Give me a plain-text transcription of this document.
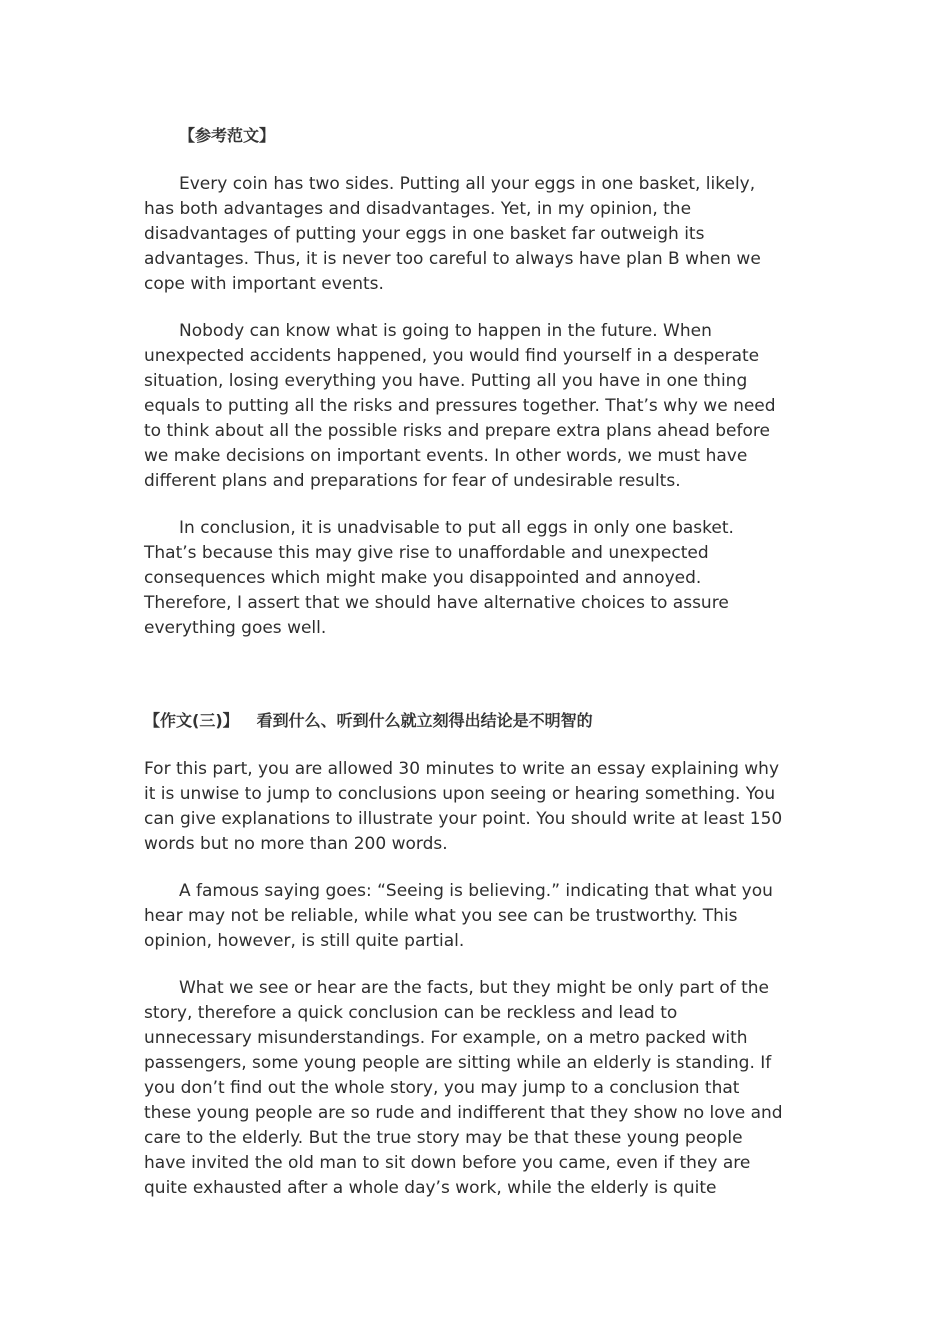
【参考范文】
Every coin has two sides. Putting all your eggs in one basket, likely,
has both advantages and disadvantages. Yet, in my opinion, the
disadvantages of putting your eggs in one basket far outweigh its
advantages. Thus, it is never too careful to always have plan B when we
cope with important events.
Nobody can know what is going to happen in the future. When
unexpected accidents happened, you would find yourself in a desperate
situation, losing everything you have. Putting all you have in one thing
equals to putting all the risks and pressures together. That’s why we need
to think about all the possible risks and prepare extra plans ahead before
we make decisions on important events. In other words, we must have
different plans and preparations for fear of undesirable results.
In conclusion, it is unadvisable to put all eggs in only one basket.
That’s because this may give rise to unaffordable and unexpected
consequences which might make you disappointed and annoyed.
Therefore, I assert that we should have alternative choices to assure
everything goes well.
【作文(三)】 看到什么、听到什么就立刻得出结论是不明智的
For this part, you are allowed 30 minutes to write an essay explaining why
it is unwise to jump to conclusions upon seeing or hearing something. You
can give explanations to illustrate your point. You should write at least 150
words but no more than 200 words.
A famous saying goes: “Seeing is believing.” indicating that what you
hear may not be reliable, while what you see can be trustworthy. This
opinion, however, is still quite partial.
What we see or hear are the facts, but they might be only part of the
story, therefore a quick conclusion can be reckless and lead to
unnecessary misunderstandings. For example, on a metro packed with
passengers, some young people are sitting while an elderly is standing. If
you don’t find out the whole story, you may jump to a conclusion that
these young people are so rude and indifferent that they show no love and
care to the elderly. But the true story may be that these young people
have invited the old man to sit down before you came, even if they are
quite exhausted after a whole day’s work, while the elderly is quite
